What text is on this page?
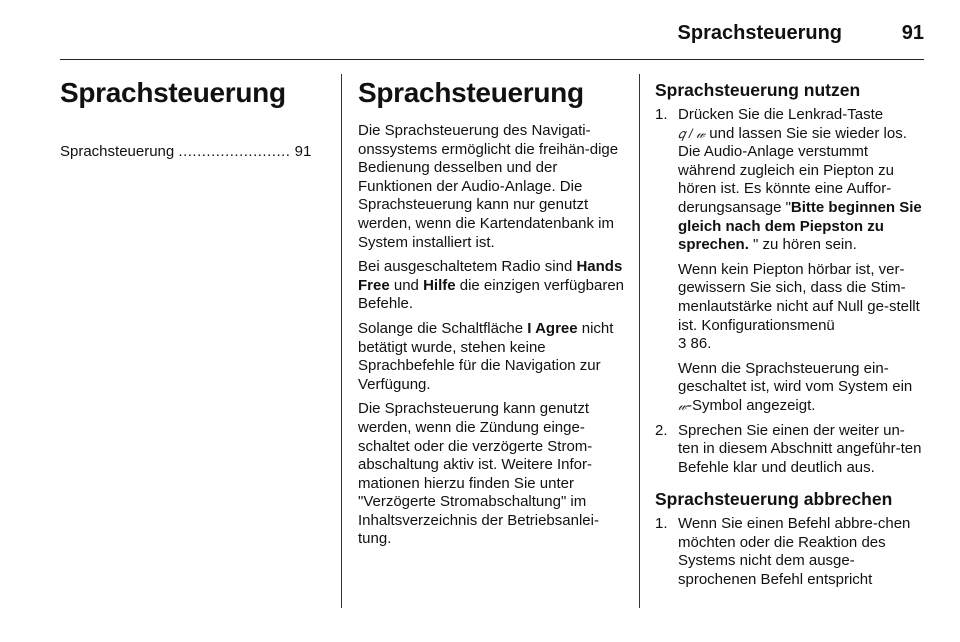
Sprachsteuerung	91
Sprachsteuerung
Sprachsteuerung ........................ 91
Sprachsteuerung

Die Sprachsteuerung des Navigati-onssystems ermöglicht die freihän-dige Bedienung desselben und der Funktionen der Audio-Anlage. Die Sprachsteuerung kann nur genutzt werden, wenn die Kartendatenbank im System installiert ist.

Bei ausgeschaltetem Radio sind Hands Free und Hilfe die einzigen verfügbaren Befehle.

Solange die Schaltfläche I Agree nicht betätigt wurde, stehen keine Sprachbefehle für die Navigation zur Verfügung.

Die Sprachsteuerung kann genutzt werden, wenn die Zündung einge-schaltet oder die verzögerte Strom-abschaltung aktiv ist. Weitere Infor-mationen hierzu finden Sie unter "Verzögerte Stromabschaltung" im Inhaltsverzeichnis der Betriebsanlei-tung.

Sprachsteuerung nutzen
1. Drücken Sie die Lenkrad-Taste
𝑞 / 𝓌 und lassen Sie sie wieder los. Die Audio-Anlage verstummt während zugleich ein Piepton zu hören ist. Es könnte eine Auffor-derungsansage "Bitte beginnen Sie gleich nach dem Piepston zu sprechen. " zu hören sein.

Wenn kein Piepton hörbar ist, ver-gewissern Sie sich, dass die Stim-menlautstärke nicht auf Null ge-stellt ist. Konfigurationsmenü
3 86.

Wenn die Sprachsteuerung ein-geschaltet ist, wird vom System ein 𝓌-Symbol angezeigt.

2. Sprechen Sie einen der weiter un-ten in diesem Abschnitt angeführ-ten Befehle klar und deutlich aus.

Sprachsteuerung abbrechen
1. Wenn Sie einen Befehl abbre-chen möchten oder die Reaktion des Systems nicht dem ausge-sprochenen Befehl entspricht
